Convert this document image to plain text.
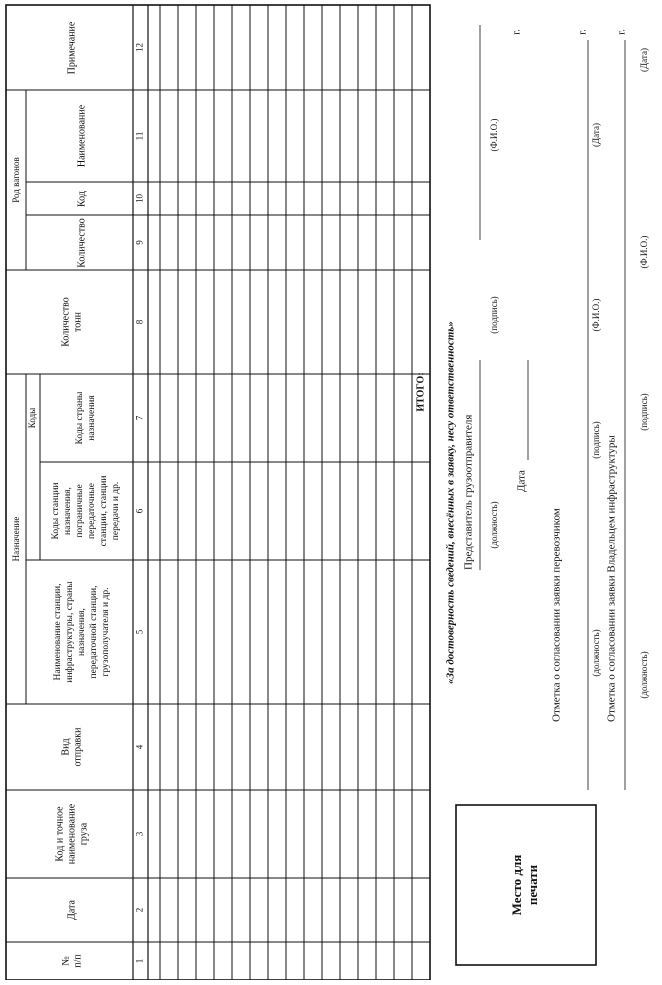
№ п/п
Дата
Код и точное наименование груза
Вид отправки
Назначение
Наименование станции, инфраструктуры, страны назначения, передаточной станции, грузополучателя и др.
Коды
Коды станции назначения, пограничные передаточные станции, станции передачи и др.
Коды страны назначения
Количество тонн
Род вагонов
Количество
Код
Наименование
Примечание
1
2
3
4
5
6
7
8
9
10
11
12
ИТОГО: «За достоверность сведений, внесённых в заявку, несу ответственность» Представитель грузоотправителя (должность)
(подпись)
(Ф.И.О.)
Дата
г.
Отметка о согласовании заявки перевозчиком	(должность)
(подпись)
(Ф.И.О.)
(Дата)
г.
Отметка о согласовании заявки Владельцем инфраструктуры (должность)
(подпись)
(Ф.И.О.)
(Дата)
г.
Место для печати
